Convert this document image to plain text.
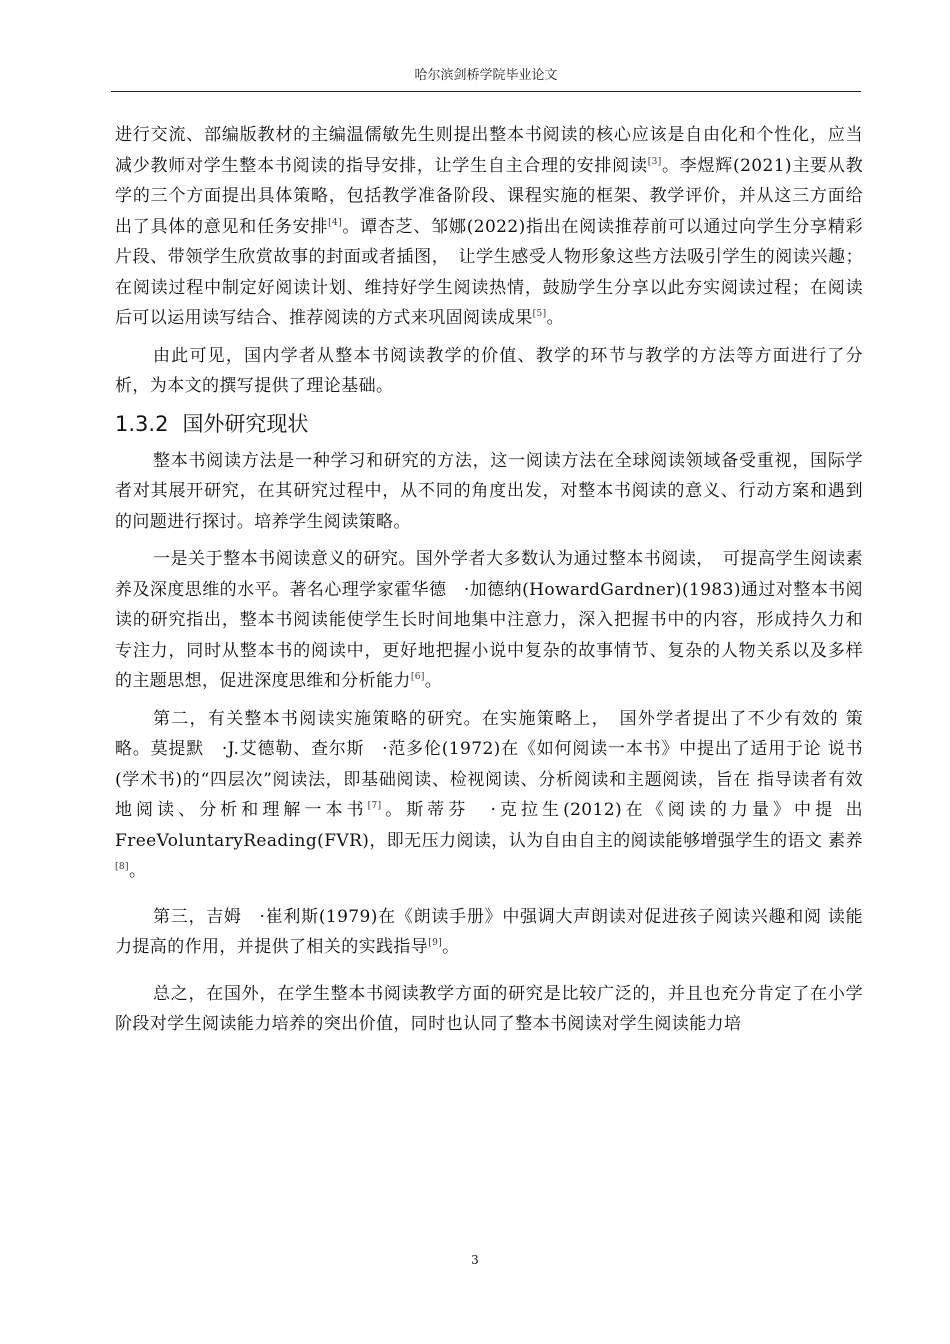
哈尔滨剑桥学院毕业论文

进行交流、部编版教材的主编温儒敏先生则提出整本书阅读的核心应该是自由化和个性化，应当减少教师对学生整本书阅读的指导安排，让学生自主合理的安排阅读[3]。李煜辉(2021)主要从教学的三个方面提出具体策略，包括教学准备阶段、课程实施的框架、教学评价，并从这三方面给出了具体的意见和任务安排[4]。谭杏芝、邹娜(2022)指出在阅读推荐前可以通过向学生分享精彩片段、带领学生欣赏故事的封面或者插图，　让学生感受人物形象这些方法吸引学生的阅读兴趣；在阅读过程中制定好阅读计划、维持好学生阅读热情，鼓励学生分享以此夯实阅读过程；在阅读后可以运用读写结合、推荐阅读的方式来巩固阅读成果[5]。

由此可见，国内学者从整本书阅读教学的价值、教学的环节与教学的方法等方面进行了分析，为本文的撰写提供了理论基础。

1.3.2 国外研究现状

整本书阅读方法是一种学习和研究的方法，这一阅读方法在全球阅读领域备受重视，国际学者对其展开研究，在其研究过程中，从不同的角度出发，对整本书阅读的意义、行动方案和遇到的问题进行探讨。培养学生阅读策略。

一是关于整本书阅读意义的研究。国外学者大多数认为通过整本书阅读，　可提高学生阅读素养及深度思维的水平。著名心理学家霍华德　·加德纳(HowardGardner)(1983)通过对整本书阅读的研究指出，整本书阅读能使学生长时间地集中注意力，深入把握书中的内容，形成持久力和专注力，同时从整本书的阅读中，更好地把握小说中复杂的故事情节、复杂的人物关系以及多样的主题思想，促进深度思维和分析能力[6]。

第二，有关整本书阅读实施策略的研究。在实施策略上，　国外学者提出了不少有效的 策略。莫提默　·J.艾德勒、查尔斯　·范多伦(1972)在《如何阅读一本书》中提出了适用于论 说书(学术书)的“四层次”阅读法，即基础阅读、检视阅读、分析阅读和主题阅读，旨在 指导读者有效地阅读、分析和理解一本书[7]。斯蒂芬　·克拉生(2012)在《阅读的力量》中提 出 FreeVoluntaryReading(FVR)，即无压力阅读，认为自由自主的阅读能够增强学生的语文 素养[8]。

第三，吉姆　·崔利斯(1979)在《朗读手册》中强调大声朗读对促进孩子阅读兴趣和阅 读能力提高的作用，并提供了相关的实践指导[9]。

总之，在国外，在学生整本书阅读教学方面的研究是比较广泛的，并且也充分肯定了在小学阶段对学生阅读能力培养的突出价值，同时也认同了整本书阅读对学生阅读能力培

3
